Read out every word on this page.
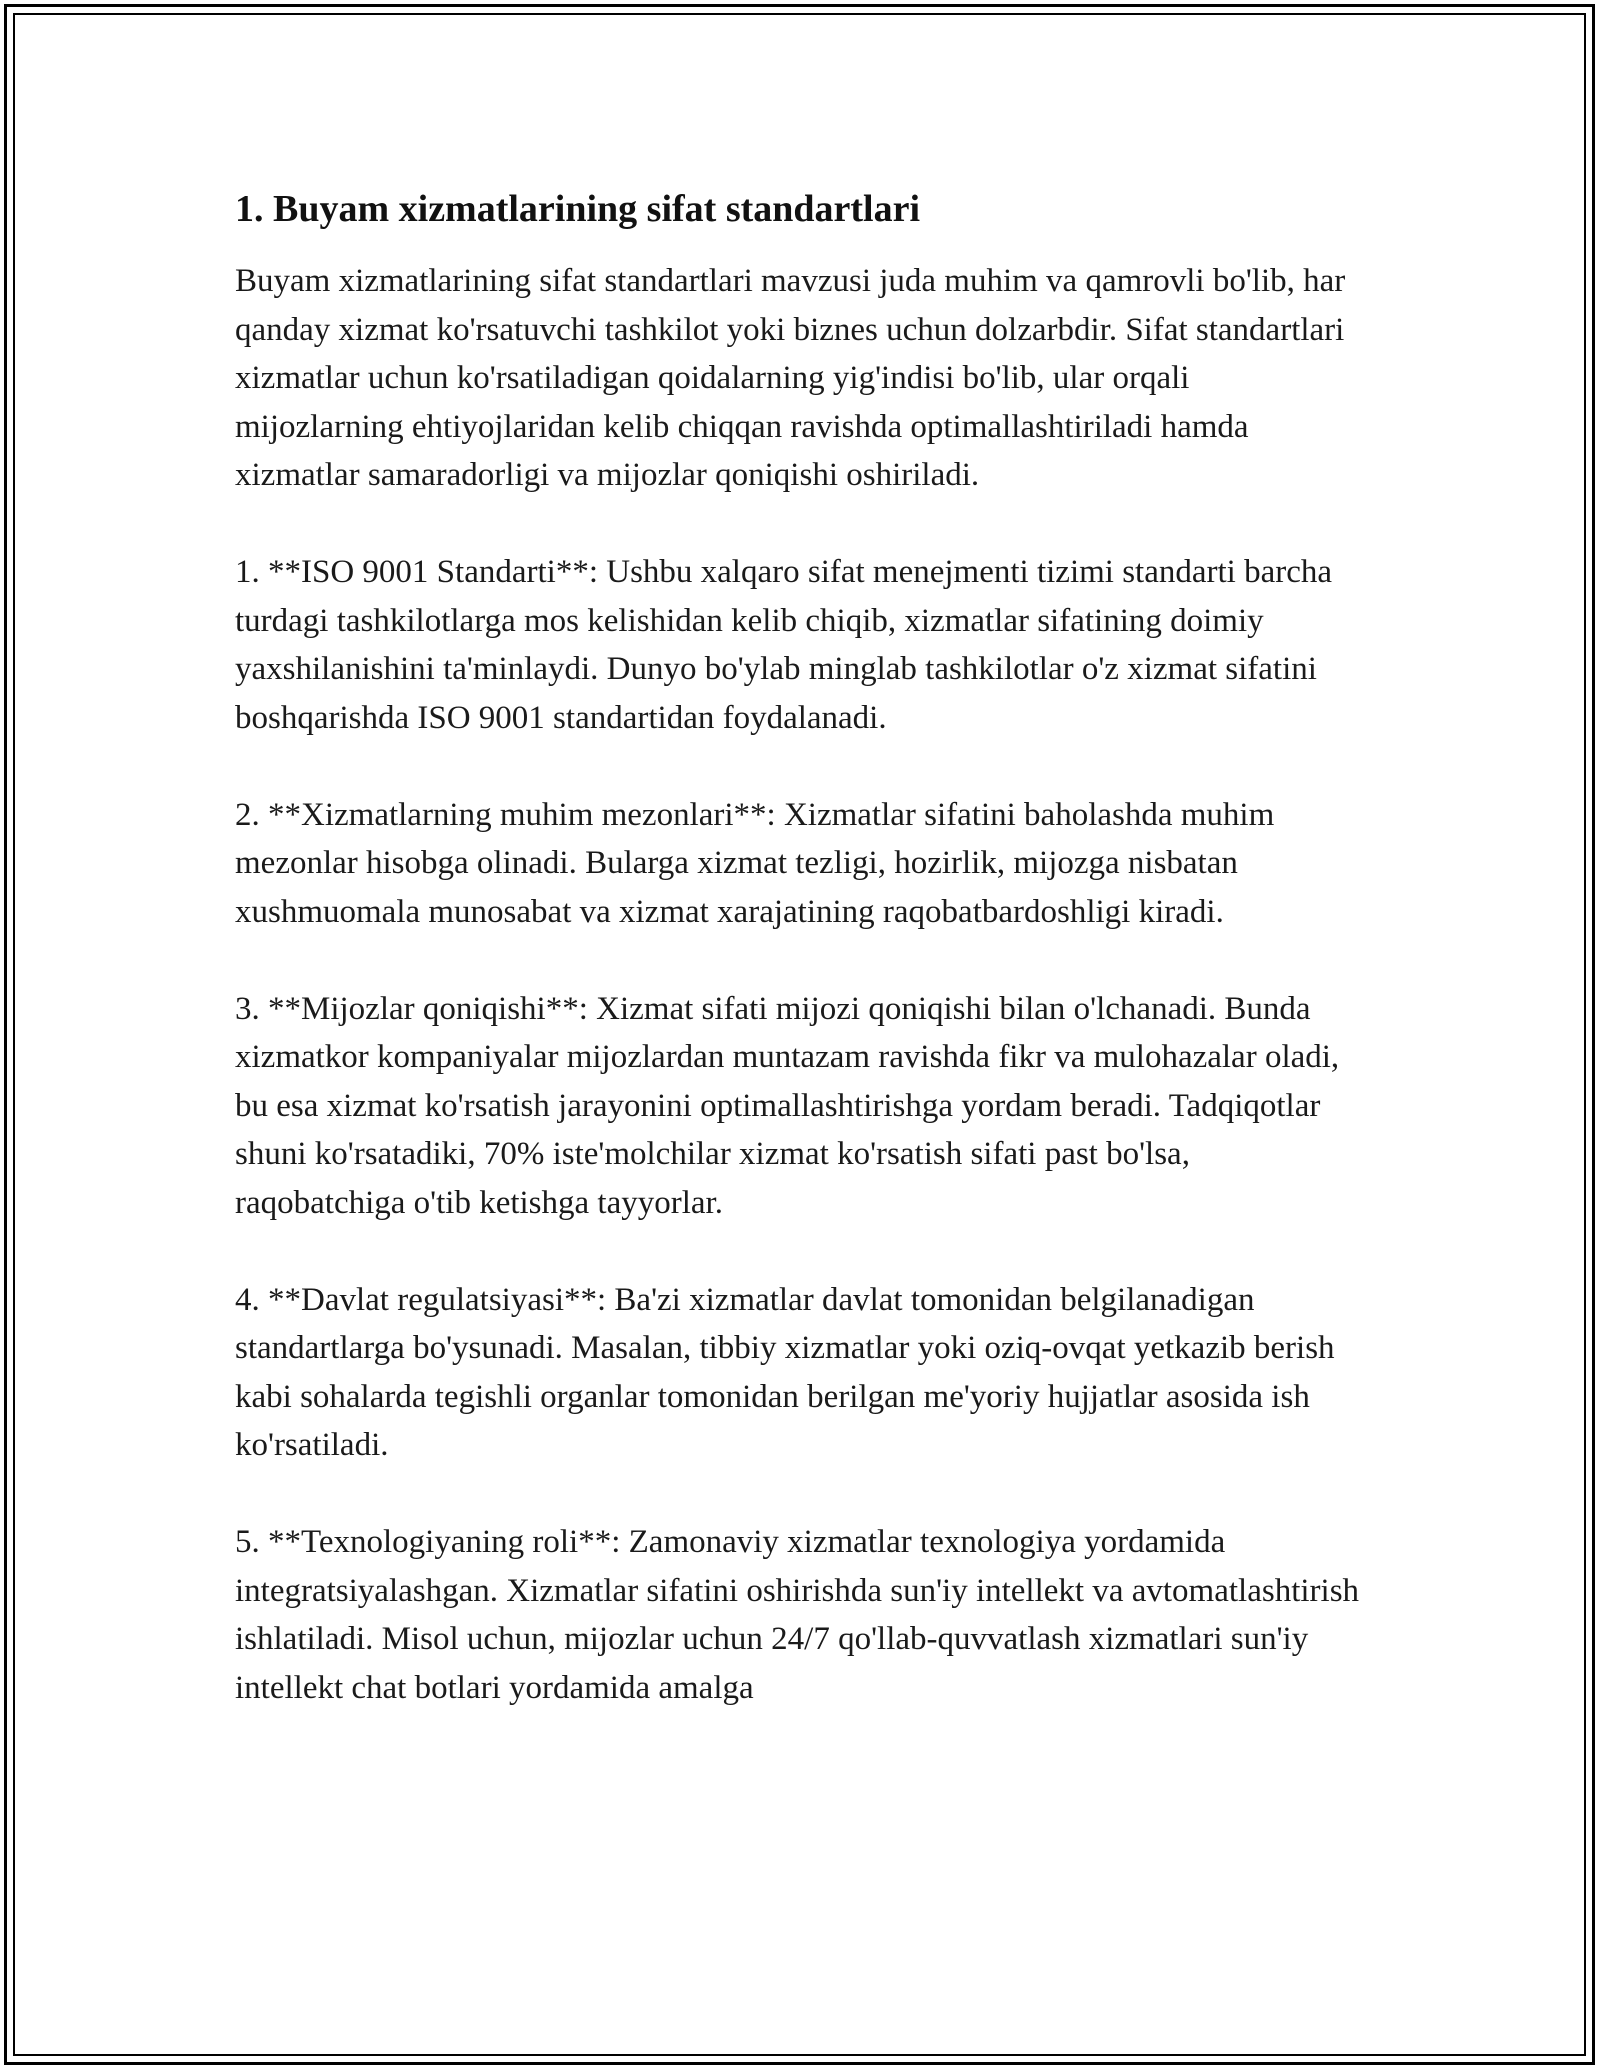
1. Buyam xizmatlarining sifat standartlari

Buyam xizmatlarining sifat standartlari mavzusi juda muhim va qamrovli bo'lib, har qanday xizmat ko'rsatuvchi tashkilot yoki biznes uchun dolzarbdir. Sifat standartlari xizmatlar uchun ko'rsatiladigan qoidalarning yig'indisi bo'lib, ular orqali mijozlarning ehtiyojlaridan kelib chiqqan ravishda optimallashtiriladi hamda xizmatlar samaradorligi va mijozlar qoniqishi oshiriladi.

1. **ISO 9001 Standarti**: Ushbu xalqaro sifat menejmenti tizimi standarti barcha turdagi tashkilotlarga mos kelishidan kelib chiqib, xizmatlar sifatining doimiy yaxshilanishini ta'minlaydi. Dunyo bo'ylab minglab tashkilotlar o'z xizmat sifatini boshqarishda ISO 9001 standartidan foydalanadi.

2. **Xizmatlarning muhim mezonlari**: Xizmatlar sifatini baholashda muhim mezonlar hisobga olinadi. Bularga xizmat tezligi, hozirlik, mijozga nisbatan xushmuomala munosabat va xizmat xarajatining raqobatbardoshligi kiradi.

3. **Mijozlar qoniqishi**: Xizmat sifati mijozi qoniqishi bilan o'lchanadi. Bunda xizmatkor kompaniyalar mijozlardan muntazam ravishda fikr va mulohazalar oladi, bu esa xizmat ko'rsatish jarayonini optimallashtirishga yordam beradi. Tadqiqotlar shuni ko'rsatadiki, 70% iste'molchilar xizmat ko'rsatish sifati past bo'lsa, raqobatchiga o'tib ketishga tayyorlar.

4. **Davlat regulatsiyasi**: Ba'zi xizmatlar davlat tomonidan belgilanadigan standartlarga bo'ysunadi. Masalan, tibbiy xizmatlar yoki oziq-ovqat yetkazib berish kabi sohalarda tegishli organlar tomonidan berilgan me'yoriy hujjatlar asosida ish ko'rsatiladi.

5. **Texnologiyaning roli**: Zamonaviy xizmatlar texnologiya yordamida integratsiyalashgan. Xizmatlar sifatini oshirishda sun'iy intellekt va avtomatlashtirish ishlatiladi. Misol uchun, mijozlar uchun 24/7 qo'llab-quvvatlash xizmatlari sun'iy intellekt chat botlari yordamida amalga
